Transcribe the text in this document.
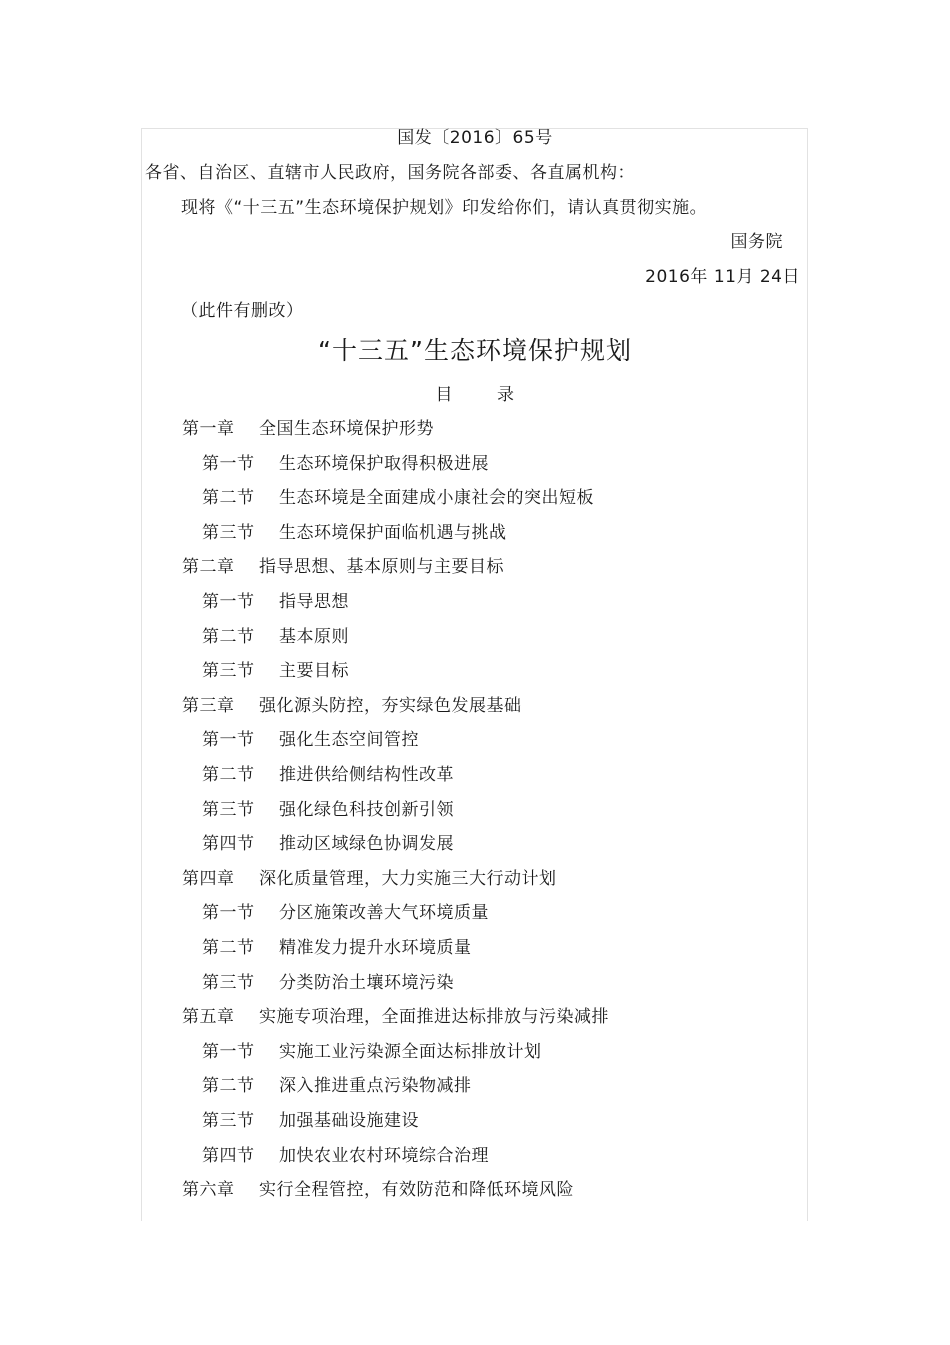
国发〔2016〕65号
各省、自治区、直辖市人民政府，国务院各部委、各直属机构：
现将《“十三五”生态环境保护规划》印发给你们，请认真贯彻实施。
国务院
2016年 11月 24日
（此件有删改）
“十三五”生态环境保护规划
目	录
第一章 全国生态环境保护形势
第一节 生态环境保护取得积极进展
第二节 生态环境是全面建成小康社会的突出短板
第三节 生态环境保护面临机遇与挑战
第二章 指导思想、基本原则与主要目标
第一节 指导思想
第二节 基本原则
第三节 主要目标
第三章 强化源头防控，夯实绿色发展基础
第一节 强化生态空间管控
第二节 推进供给侧结构性改革
第三节 强化绿色科技创新引领
第四节 推动区域绿色协调发展
第四章 深化质量管理，大力实施三大行动计划
第一节 分区施策改善大气环境质量
第二节 精准发力提升水环境质量
第三节 分类防治土壤环境污染
第五章 实施专项治理，全面推进达标排放与污染减排
第一节 实施工业污染源全面达标排放计划
第二节 深入推进重点污染物减排
第三节 加强基础设施建设
第四节 加快农业农村环境综合治理
第六章 实行全程管控，有效防范和降低环境风险
